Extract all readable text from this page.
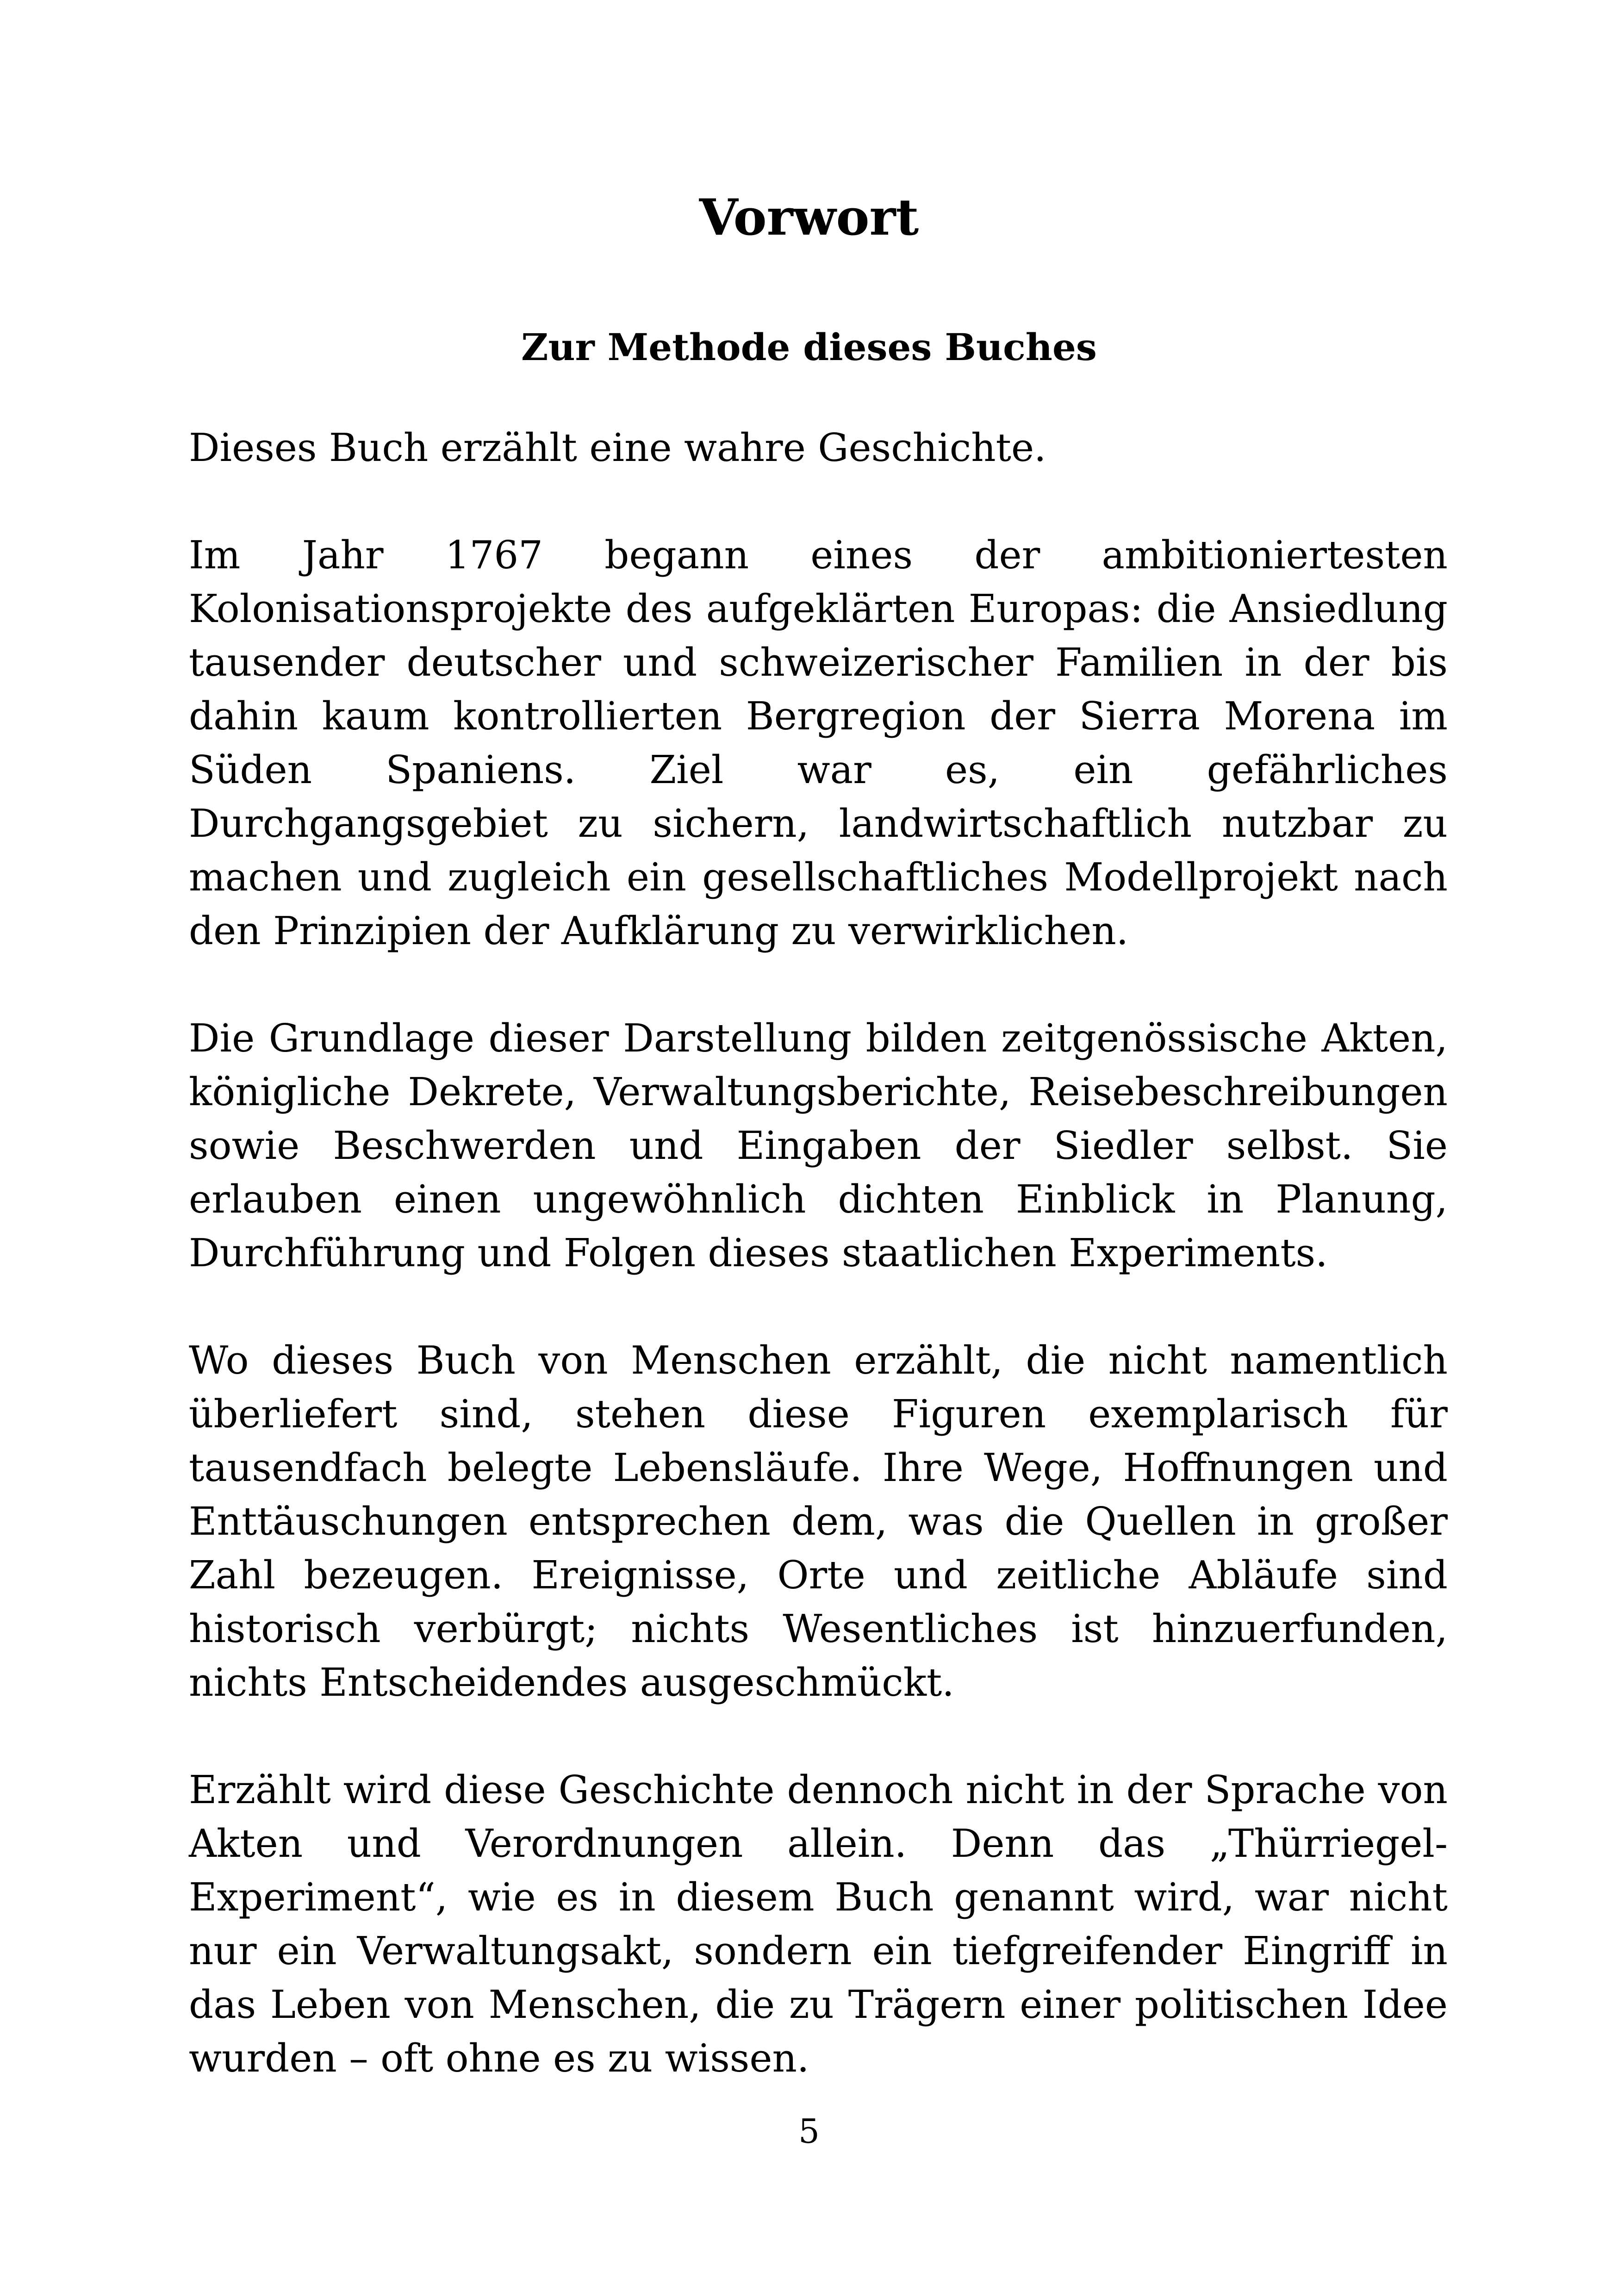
Vorwort
Zur Methode dieses Buches

Dieses Buch erzählt eine wahre Geschichte.

Im Jahr 1767 begann eines der ambitioniertesten Kolonisationsprojekte des aufgeklärten Europas: die Ansiedlung tausender deutscher und schweizerischer Familien in der bis dahin kaum kontrollierten Bergregion der Sierra Morena im Süden Spaniens. Ziel war es, ein gefährliches Durchgangsgebiet zu sichern, landwirtschaftlich nutzbar zu machen und zugleich ein gesellschaftliches Modellprojekt nach den Prinzipien der Aufklärung zu verwirklichen.

Die Grundlage dieser Darstellung bilden zeitgenössische Akten, königliche Dekrete, Verwaltungsberichte, Reisebeschreibungen sowie Beschwerden und Eingaben der Siedler selbst. Sie erlauben einen ungewöhnlich dichten Einblick in Planung, Durchführung und Folgen dieses staatlichen Experiments.

Wo dieses Buch von Menschen erzählt, die nicht namentlich überliefert sind, stehen diese Figuren exemplarisch für tausendfach belegte Lebensläufe. Ihre Wege, Hoffnungen und Enttäuschungen entsprechen dem, was die Quellen in großer Zahl bezeugen. Ereignisse, Orte und zeitliche Abläufe sind historisch verbürgt; nichts Wesentliches ist hinzuerfunden, nichts Entscheidendes ausgeschmückt.

Erzählt wird diese Geschichte dennoch nicht in der Sprache von Akten und Verordnungen allein. Denn das „Thürriegel-Experiment“, wie es in diesem Buch genannt wird, war nicht nur ein Verwaltungsakt, sondern ein tiefgreifender Eingriff in das Leben von Menschen, die zu Trägern einer politischen Idee wurden – oft ohne es zu wissen.

5
